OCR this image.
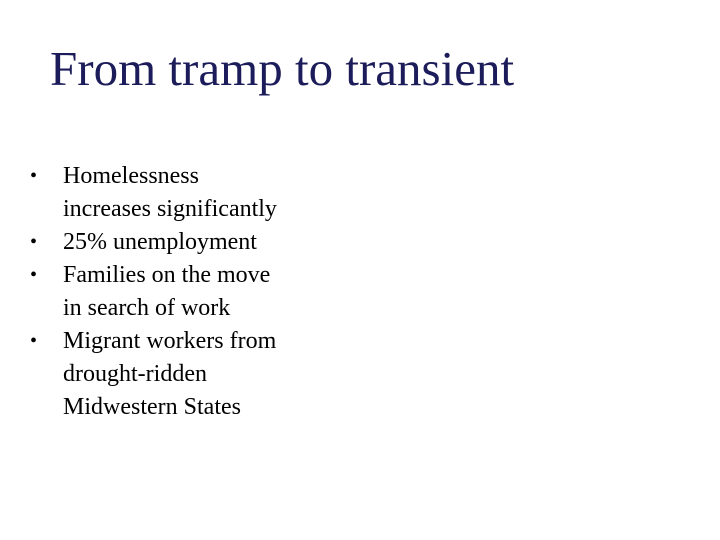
From tramp to transient
•	Homelessness
increases significantly
•	25% unemployment
•	Families on the move
in search of work
•	Migrant workers from
drought-ridden
Midwestern States
